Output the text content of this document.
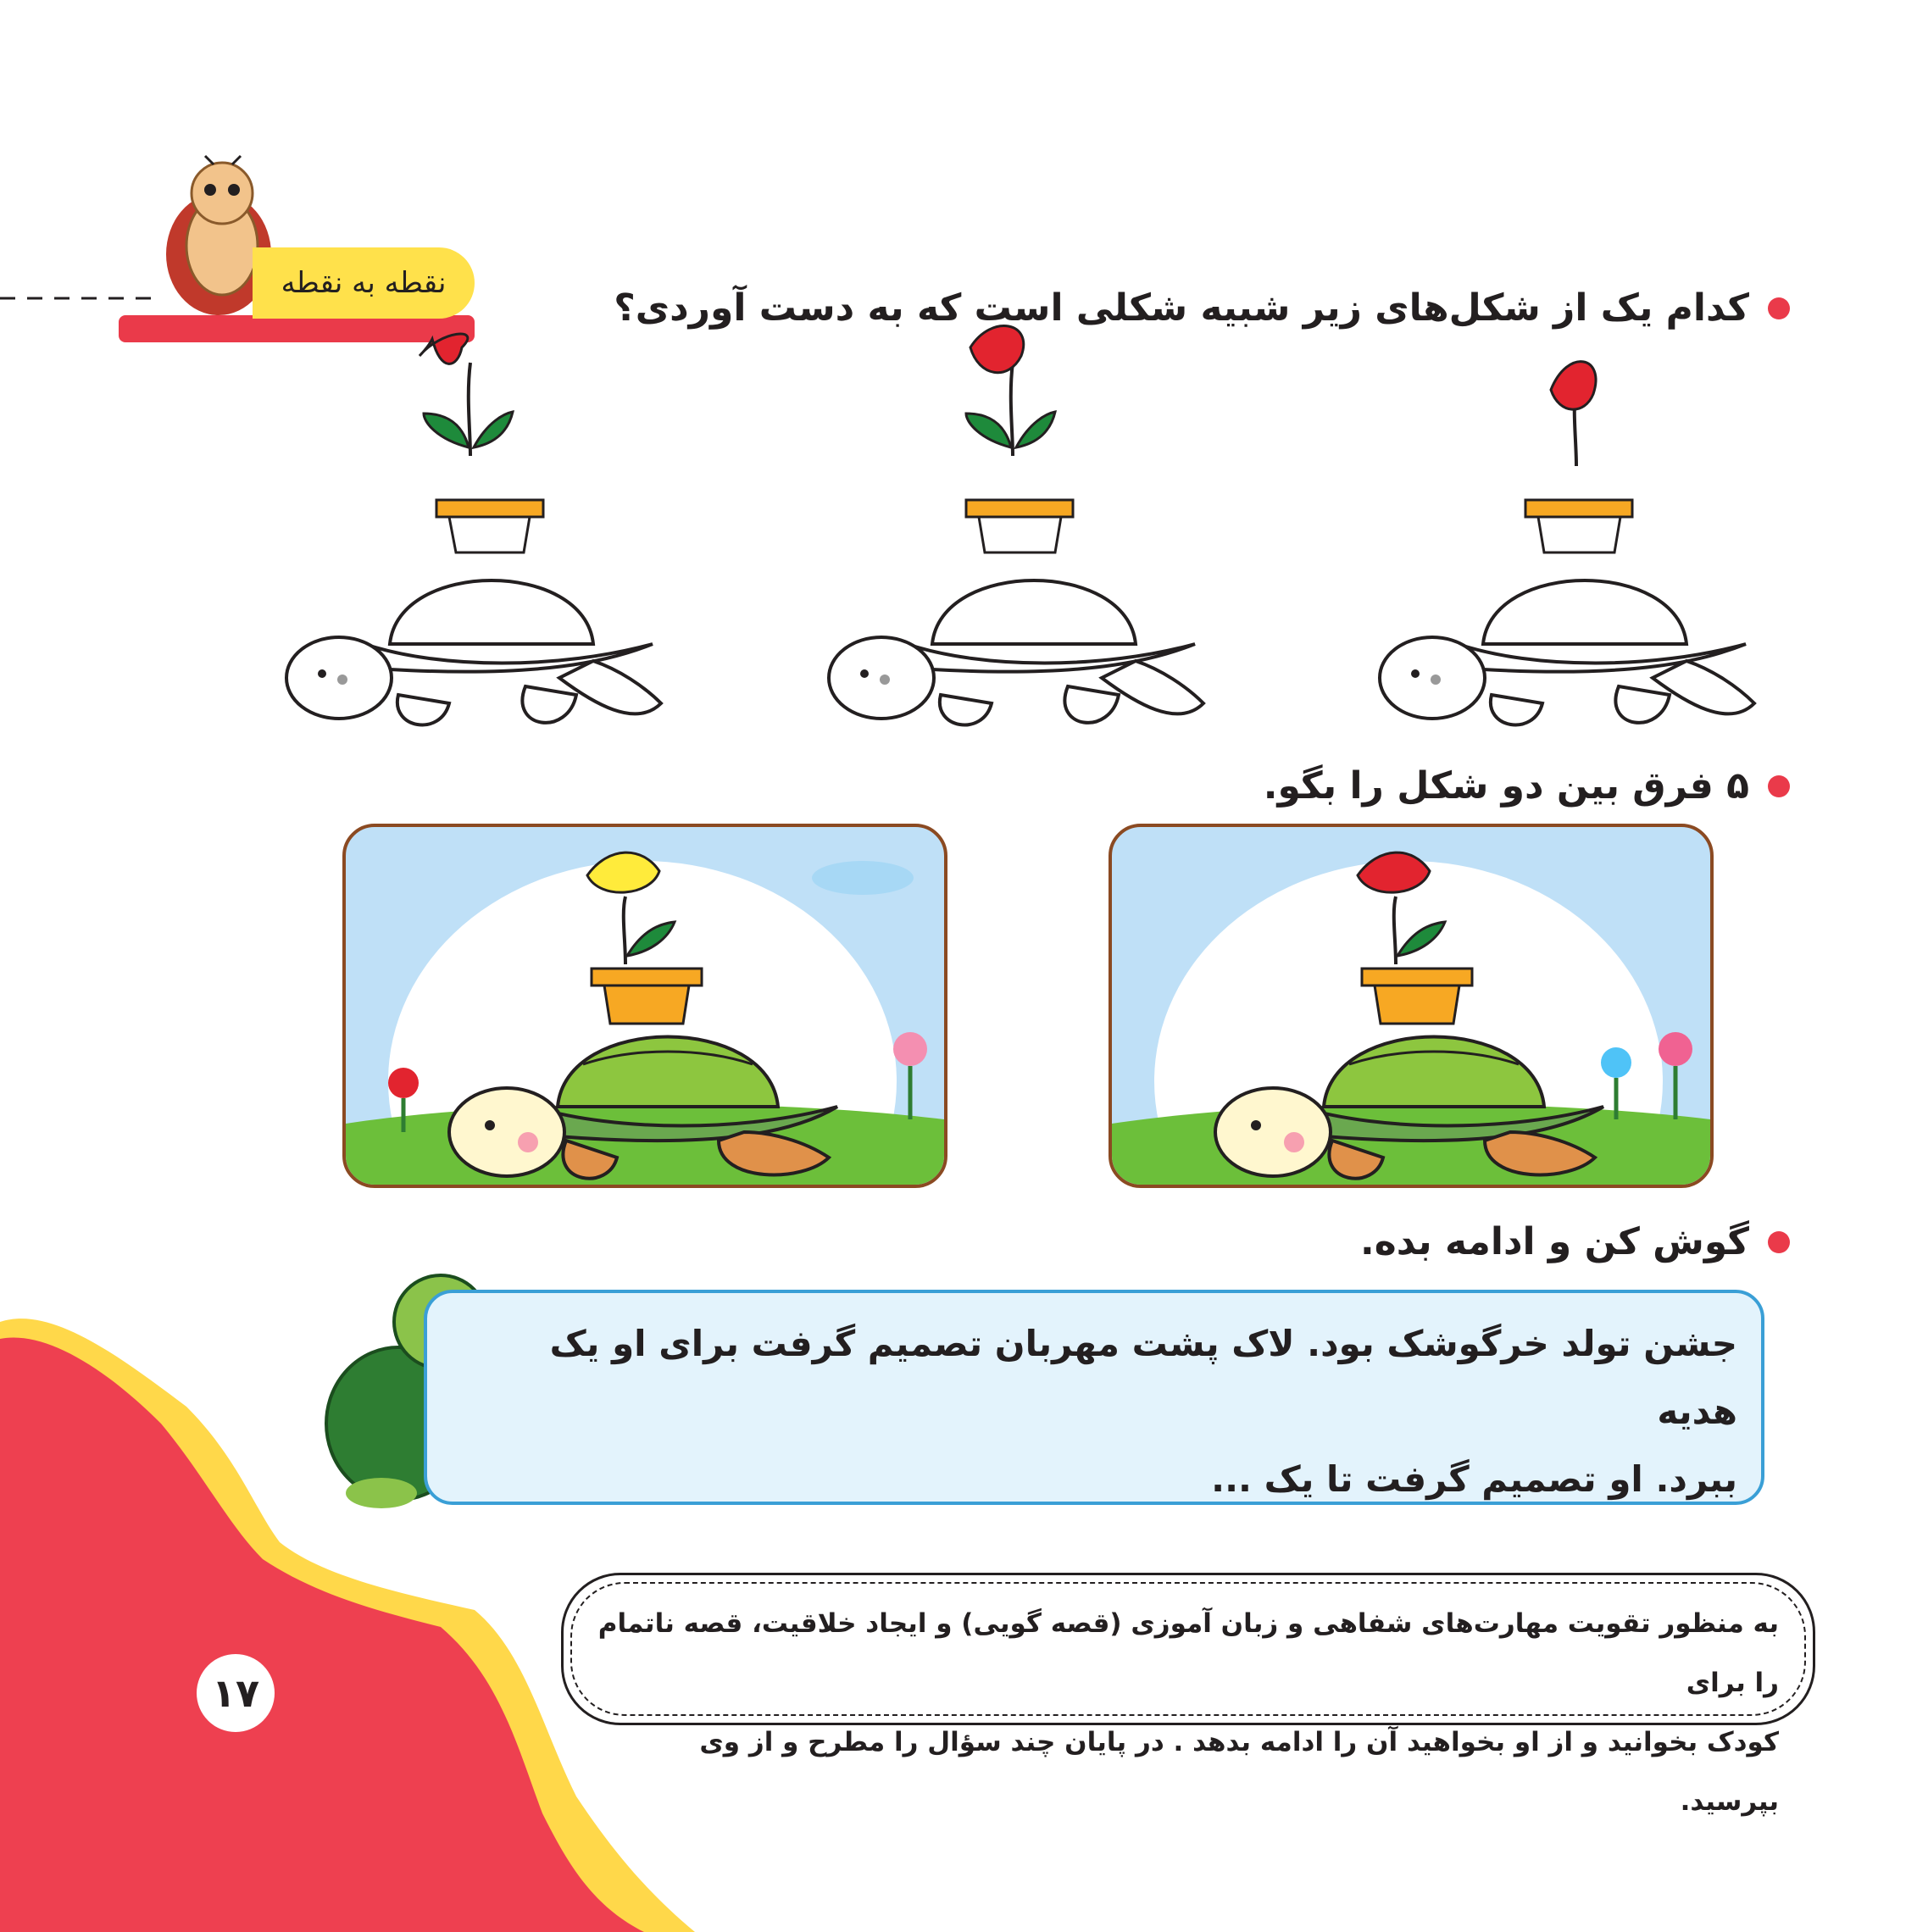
نقطه به نقطه
کدام یک از شکل‌های زیر شبیه شکلی است که به دست آوردی؟
۵ فرق بین دو شکل را بگو.
گوش کن و ادامه بده.
جشن تولد خرگوشک بود. لاک پشت مهربان تصمیم گرفت برای او یک هدیه
ببرد. او تصمیم گرفت تا یک ...
به منظور تقویت مهارت‌های شفاهی و زبان آموزی (قصه گویی) و ایجاد خلاقیت، قصه ناتمام را برای
کودک بخوانید و از او بخواهید آن را ادامه بدهد . در پایان چند سؤال را مطرح و از وی بپرسید.
۱۷
